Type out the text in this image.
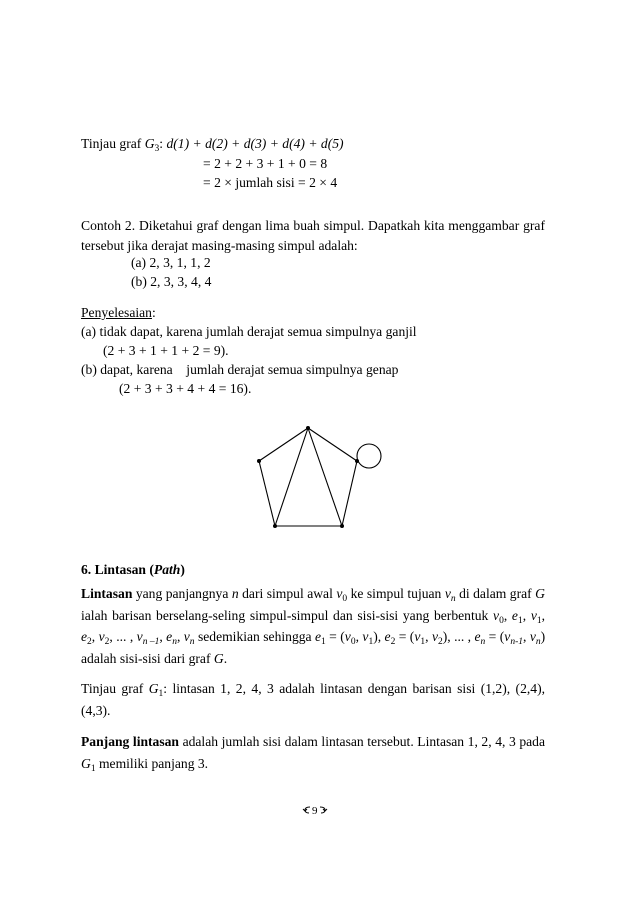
Tinjau graf $G_3$: d(1) + d(2) + d(3) + d(4) + d(5)
= 2 + 2 + 3 + 1 + 0 = 8
= 2 × jumlah sisi = 2 × 4
Contoh 2. Diketahui graf dengan lima buah simpul. Dapatkah kita menggambar graf tersebut jika derajat masing-masing simpul adalah:
(a) 2, 3, 1, 1, 2
(b) 2, 3, 3, 4, 4
Penyelesaian:
(a) tidak dapat, karena jumlah derajat semua simpulnya ganjil
(2 + 3 + 1 + 1 + 2 = 9).
(b) dapat, karena    jumlah derajat semua simpulnya genap
(2 + 3 + 3 + 4 + 4 = 16).
6. Lintasan (Path)
Lintasan yang panjangnya n dari simpul awal $v_0$ ke simpul tujuan $v_n$ di dalam graf G ialah barisan berselang-seling simpul-simpul dan sisi-sisi yang berbentuk $v_0$, $e_1$, $v_1$, $e_2$, $v_2$, ... , $v_{n -1}$, $e_n$, $v_n$ sedemikian sehingga $e_1 = (v_0$, $v_1$), $e_2 = (v_1$, $v_2$), ... , $e_n = (v_{n-1}$, $v_n$) adalah sisi-sisi dari graf G.
Tinjau graf $G_1$: lintasan 1, 2, 4, 3 adalah lintasan dengan barisan sisi (1,2), (2,4), (4,3).
Panjang lintasan adalah jumlah sisi dalam lintasan tersebut. Lintasan 1, 2, 4, 3 pada $G_1$ memiliki panjang 3.
9
